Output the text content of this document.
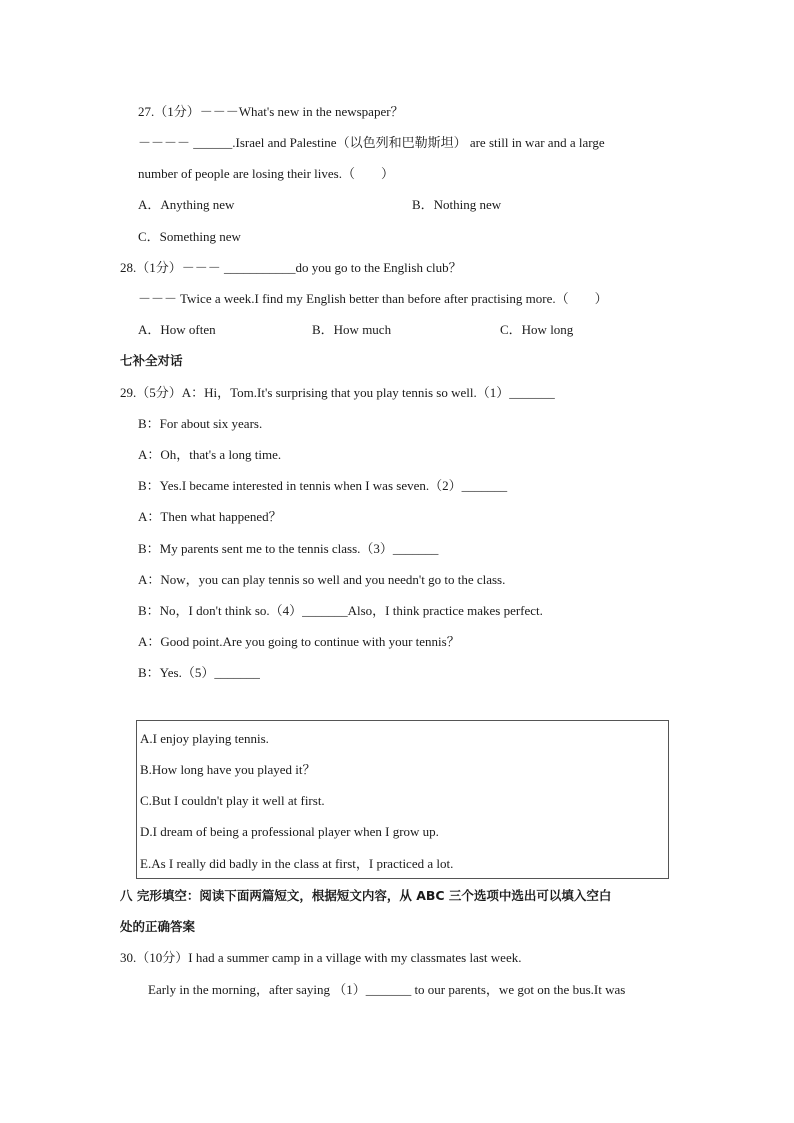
27.（1分）－－－What's new in the newspaper？
－－－－ ______.Israel and Palestine（以色列和巴勒斯坦） are still in war and a large
number of people are losing their lives.（　　）
A．Anything new	B．Nothing new
C．Something new
28.（1分）－－－ ___________do you go to the English club？
－－－ Twice a week.I find my English better than before after practising more.（　　）
A．How often	B．How much	C．How long
七补全对话
29.（5分）A：Hi，Tom.It's surprising that you play tennis so well.（1）_______
B：For about six years.
A：Oh，that's a long time.
B：Yes.I became interested in tennis when I was seven.（2）_______
A：Then what happened？
B：My parents sent me to the tennis class.（3）_______
A：Now，you can play tennis so well and you needn't go to the class.
B：No，I don't think so.（4）_______Also，I think practice makes perfect.
A：Good point.Are you going to continue with your tennis？
B：Yes.（5）_______
A.I enjoy playing tennis.
B.How long have you played it？
C.But I couldn't play it well at first.
D.I dream of being a professional player when I grow up.
E.As I really did badly in the class at first，I practiced a lot.
八 完形填空：阅读下面两篇短文，根据短文内容，从 ABC 三个选项中选出可以填入空白
处的正确答案
30.（10分）I had a summer camp in a village with my classmates last week.
Early in the morning，after saying （1）_______ to our parents，we got on the bus.It was
